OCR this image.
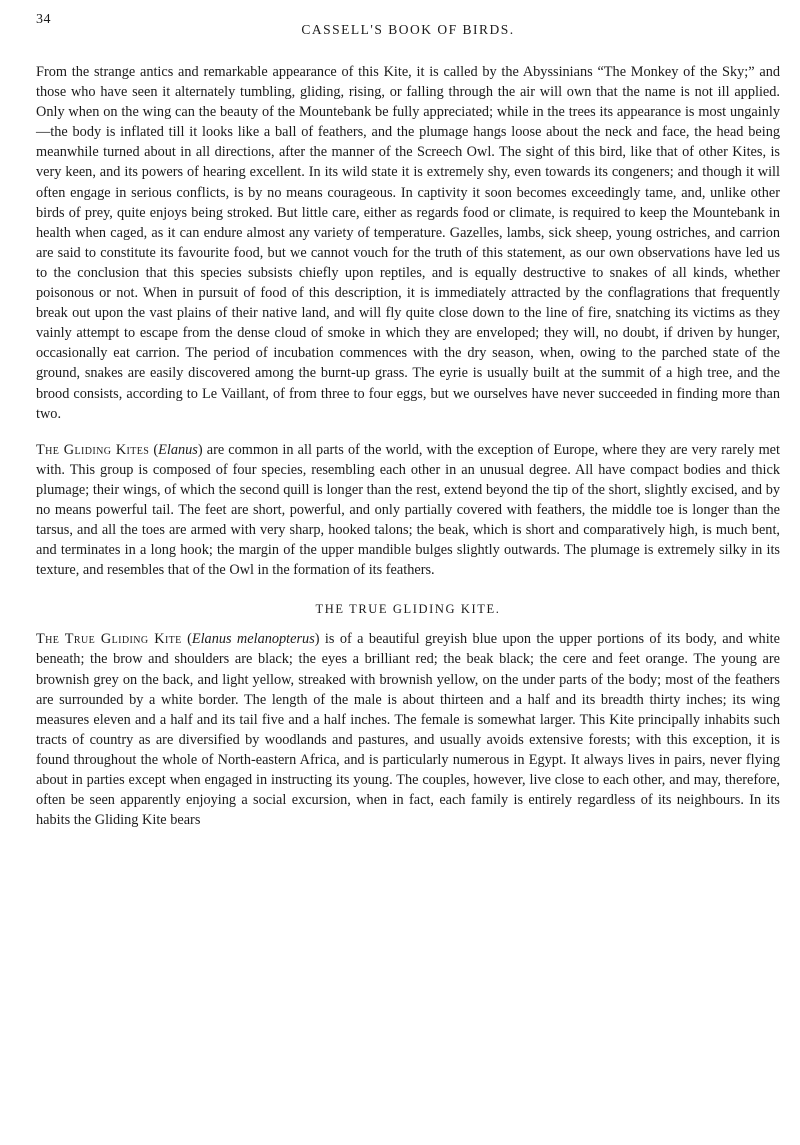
34
CASSELL'S BOOK OF BIRDS.

From the strange antics and remarkable appearance of this Kite, it is called by the Abyssinians “The Monkey of the Sky;” and those who have seen it alternately tumbling, gliding, rising, or falling through the air will own that the name is not ill applied. Only when on the wing can the beauty of the Mountebank be fully appreciated; while in the trees its appearance is most ungainly—the body is inflated till it looks like a ball of feathers, and the plumage hangs loose about the neck and face, the head being meanwhile turned about in all directions, after the manner of the Screech Owl. The sight of this bird, like that of other Kites, is very keen, and its powers of hearing excellent. In its wild state it is extremely shy, even towards its congeners; and though it will often engage in serious conflicts, is by no means courageous. In captivity it soon becomes exceedingly tame, and, unlike other birds of prey, quite enjoys being stroked. But little care, either as regards food or climate, is required to keep the Mountebank in health when caged, as it can endure almost any variety of temperature. Gazelles, lambs, sick sheep, young ostriches, and carrion are said to constitute its favourite food, but we cannot vouch for the truth of this statement, as our own observations have led us to the conclusion that this species subsists chiefly upon reptiles, and is equally destructive to snakes of all kinds, whether poisonous or not. When in pursuit of food of this description, it is immediately attracted by the conflagrations that frequently break out upon the vast plains of their native land, and will fly quite close down to the line of fire, snatching its victims as they vainly attempt to escape from the dense cloud of smoke in which they are enveloped; they will, no doubt, if driven by hunger, occasionally eat carrion. The period of incubation commences with the dry season, when, owing to the parched state of the ground, snakes are easily discovered among the burnt-up grass. The eyrie is usually built at the summit of a high tree, and the brood consists, according to Le Vaillant, of from three to four eggs, but we ourselves have never succeeded in finding more than two.

The Gliding Kites (Elanus) are common in all parts of the world, with the exception of Europe, where they are very rarely met with. This group is composed of four species, resembling each other in an unusual degree. All have compact bodies and thick plumage; their wings, of which the second quill is longer than the rest, extend beyond the tip of the short, slightly excised, and by no means powerful tail. The feet are short, powerful, and only partially covered with feathers, the middle toe is longer than the tarsus, and all the toes are armed with very sharp, hooked talons; the beak, which is short and comparatively high, is much bent, and terminates in a long hook; the margin of the upper mandible bulges slightly outwards. The plumage is extremely silky in its texture, and resembles that of the Owl in the formation of its feathers.

THE TRUE GLIDING KITE.

The True Gliding Kite (Elanus melanopterus) is of a beautiful greyish blue upon the upper portions of its body, and white beneath; the brow and shoulders are black; the eyes a brilliant red; the beak black; the cere and feet orange. The young are brownish grey on the back, and light yellow, streaked with brownish yellow, on the under parts of the body; most of the feathers are surrounded by a white border. The length of the male is about thirteen and a half and its breadth thirty inches; its wing measures eleven and a half and its tail five and a half inches. The female is somewhat larger. This Kite principally inhabits such tracts of country as are diversified by woodlands and pastures, and usually avoids extensive forests; with this exception, it is found throughout the whole of North-eastern Africa, and is particularly numerous in Egypt. It always lives in pairs, never flying about in parties except when engaged in instructing its young. The couples, however, live close to each other, and may, therefore, often be seen apparently enjoying a social excursion, when in fact, each family is entirely regardless of its neighbours. In its habits the Gliding Kite bears
